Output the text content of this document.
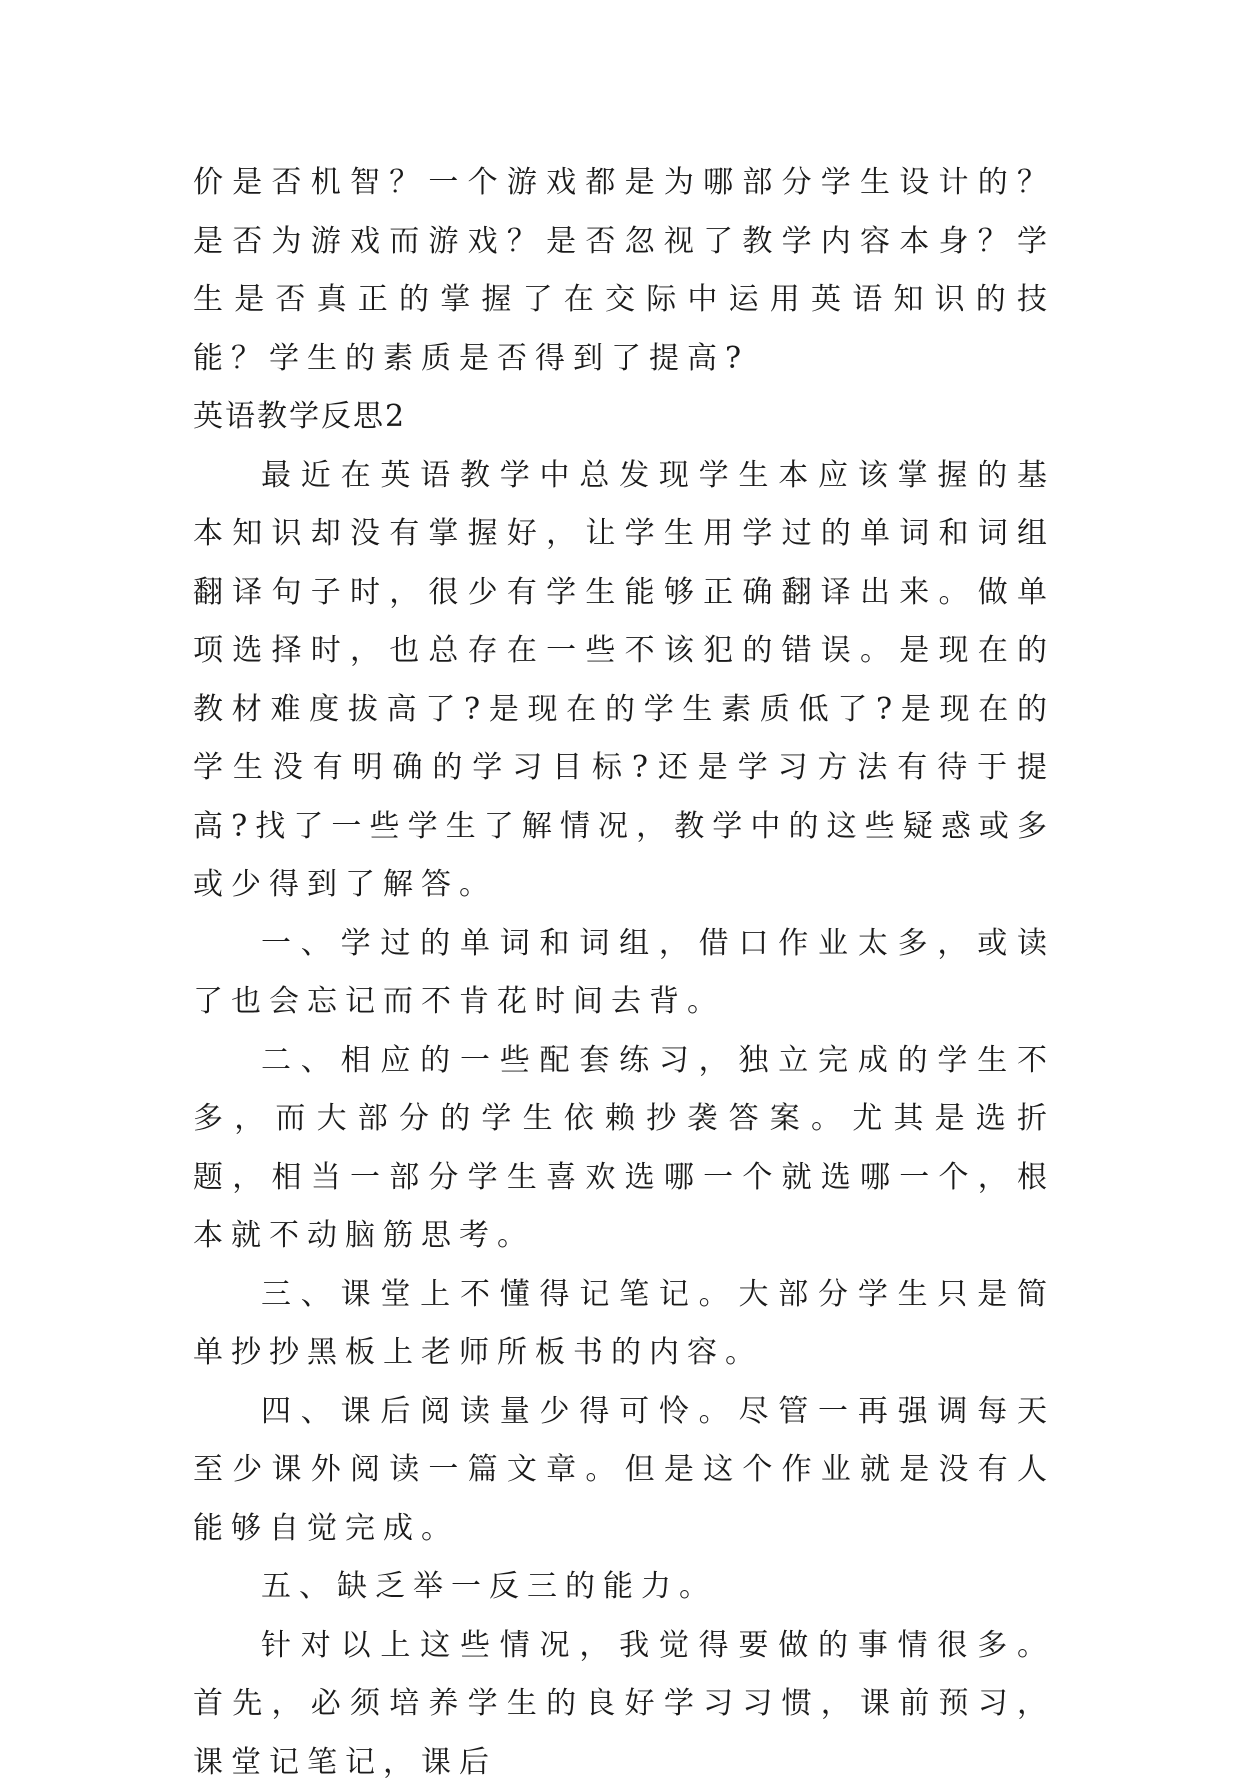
价是否机智？一个游戏都是为哪部分学生设计的？是否为游戏而游戏？是否忽视了教学内容本身？学生是否真正的掌握了在交际中运用英语知识的技能？学生的素质是否得到了提高?

英语教学反思2

最近在英语教学中总发现学生本应该掌握的基本知识却没有掌握好，让学生用学过的单词和词组翻译句子时，很少有学生能够正确翻译出来。做单项选择时，也总存在一些不该犯的错误。是现在的教材难度拔高了?是现在的学生素质低了?是现在的学生没有明确的学习目标?还是学习方法有待于提高?找了一些学生了解情况，教学中的这些疑惑或多或少得到了解答。

一、学过的单词和词组，借口作业太多，或读了也会忘记而不肯花时间去背。

二、相应的一些配套练习，独立完成的学生不多，而大部分的学生依赖抄袭答案。尤其是选折题，相当一部分学生喜欢选哪一个就选哪一个，根本就不动脑筋思考。

三、课堂上不懂得记笔记。大部分学生只是简单抄抄黑板上老师所板书的内容。

四、课后阅读量少得可怜。尽管一再强调每天至少课外阅读一篇文章。但是这个作业就是没有人能够自觉完成。

五、缺乏举一反三的能力。

针对以上这些情况，我觉得要做的事情很多。首先，必须培养学生的良好学习习惯，课前预习，课堂记笔记，课后
